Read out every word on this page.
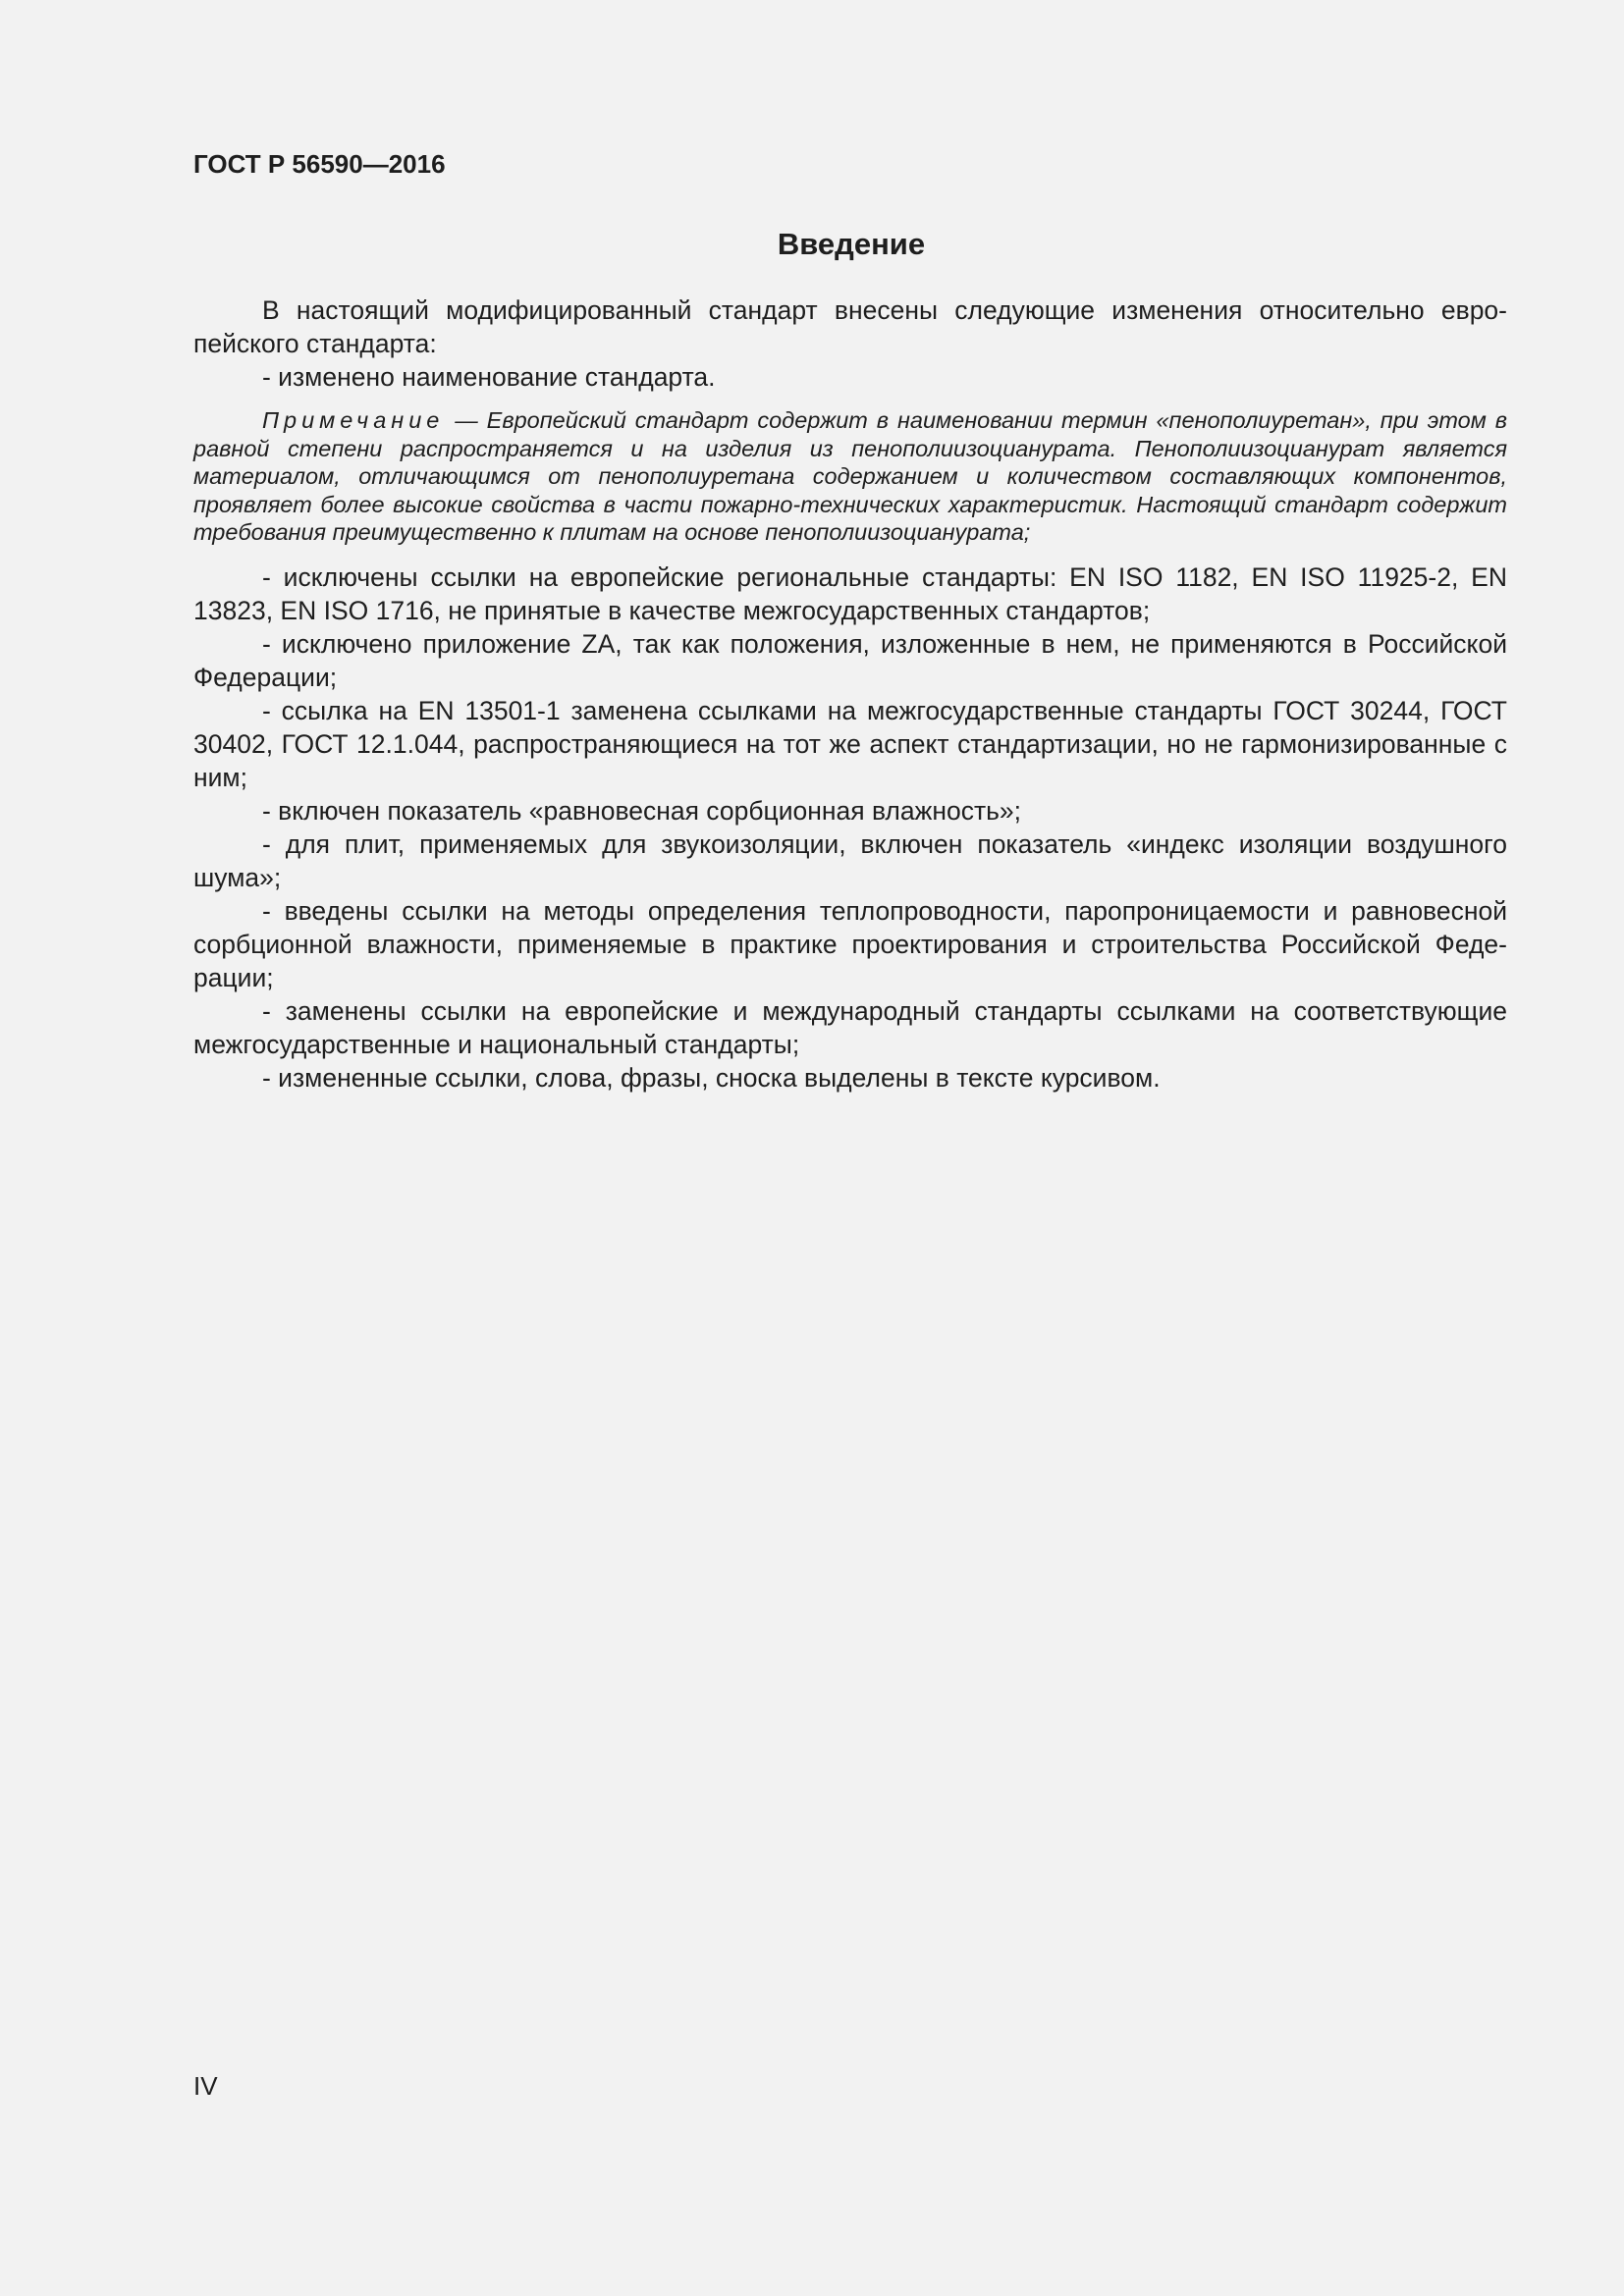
ГОСТ Р 56590—2016
Введение

В настоящий модифицированный стандарт внесены следующие изменения относительно европейского стандарта:

- изменено наименование стандарта.

Примечание — Европейский стандарт содержит в наименовании термин «пенополиуретан», при этом в равной степени распространяется и на изделия из пенополиизоцианурата. Пенополиизоцианурат является материалом, отличающимся от пенополиуретана содержанием и количеством составляющих компонентов, проявляет более высокие свойства в части пожарно-технических характеристик. Настоящий стандарт содержит требования преимущественно к плитам на основе пенополиизоцианурата;

- исключены ссылки на европейские региональные стандарты: EN ISO 1182, EN ISO 11925-2, EN 13823, EN ISO 1716, не принятые в качестве межгосударственных стандартов;

- исключено приложение ZA, так как положения, изложенные в нем, не применяются в Российской Федерации;

- ссылка на EN 13501-1 заменена ссылками на межгосударственные стандарты ГОСТ 30244, ГОСТ 30402, ГОСТ 12.1.044, распространяющиеся на тот же аспект стандартизации, но не гармонизированные с ним;

- включен показатель «равновесная сорбционная влажность»;

- для плит, применяемых для звукоизоляции, включен показатель «индекс изоляции воздушного шума»;

- введены ссылки на методы определения теплопроводности, паропроницаемости и равновесной сорбционной влажности, применяемые в практике проектирования и строительства Российской Федерации;

- заменены ссылки на европейские и международный стандарты ссылками на соответствующие межгосударственные и национальный стандарты;

- измененные ссылки, слова, фразы, сноска выделены в тексте курсивом.

IV
